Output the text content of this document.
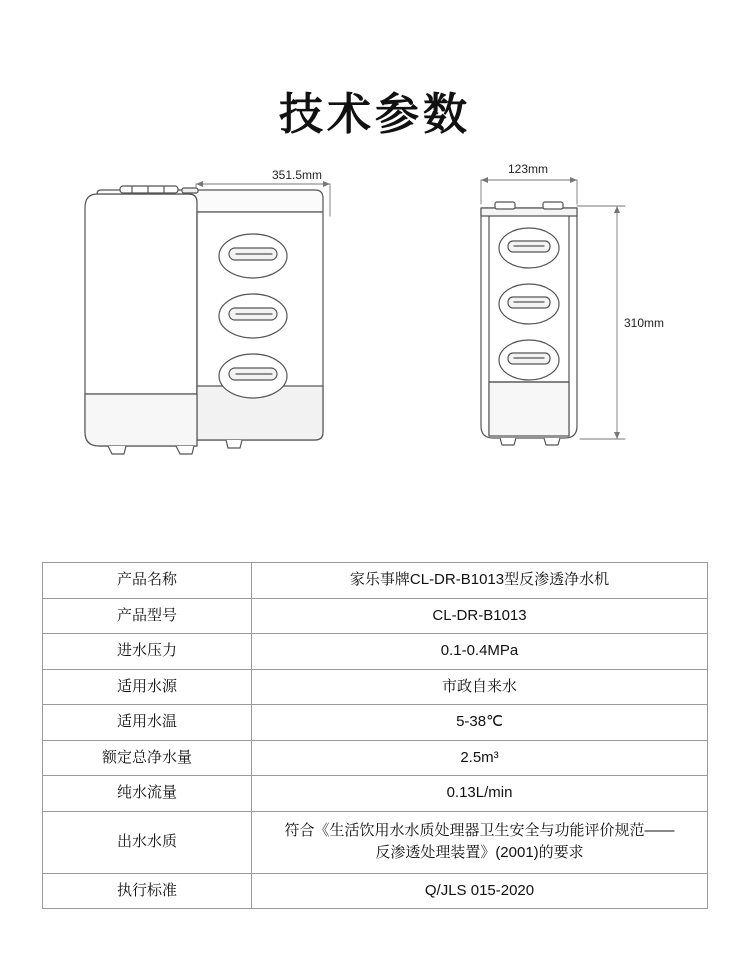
技术参数
351.5mm	123mm
310mm
产品名称	家乐事牌CL-DR-B1013型反渗透净水机
产品型号	CL-DR-B1013
进水压力	0.1-0.4MPa
适用水源	市政自来水
适用水温	5-38℃
额定总净水量	2.5m³
纯水流量	0.13L/min
出水水质	符合《生活饮用水水质处理器卫生安全与功能评价规范——
反渗透处理装置》(2001)的要求

执行标准	Q/JLS 015-2020
